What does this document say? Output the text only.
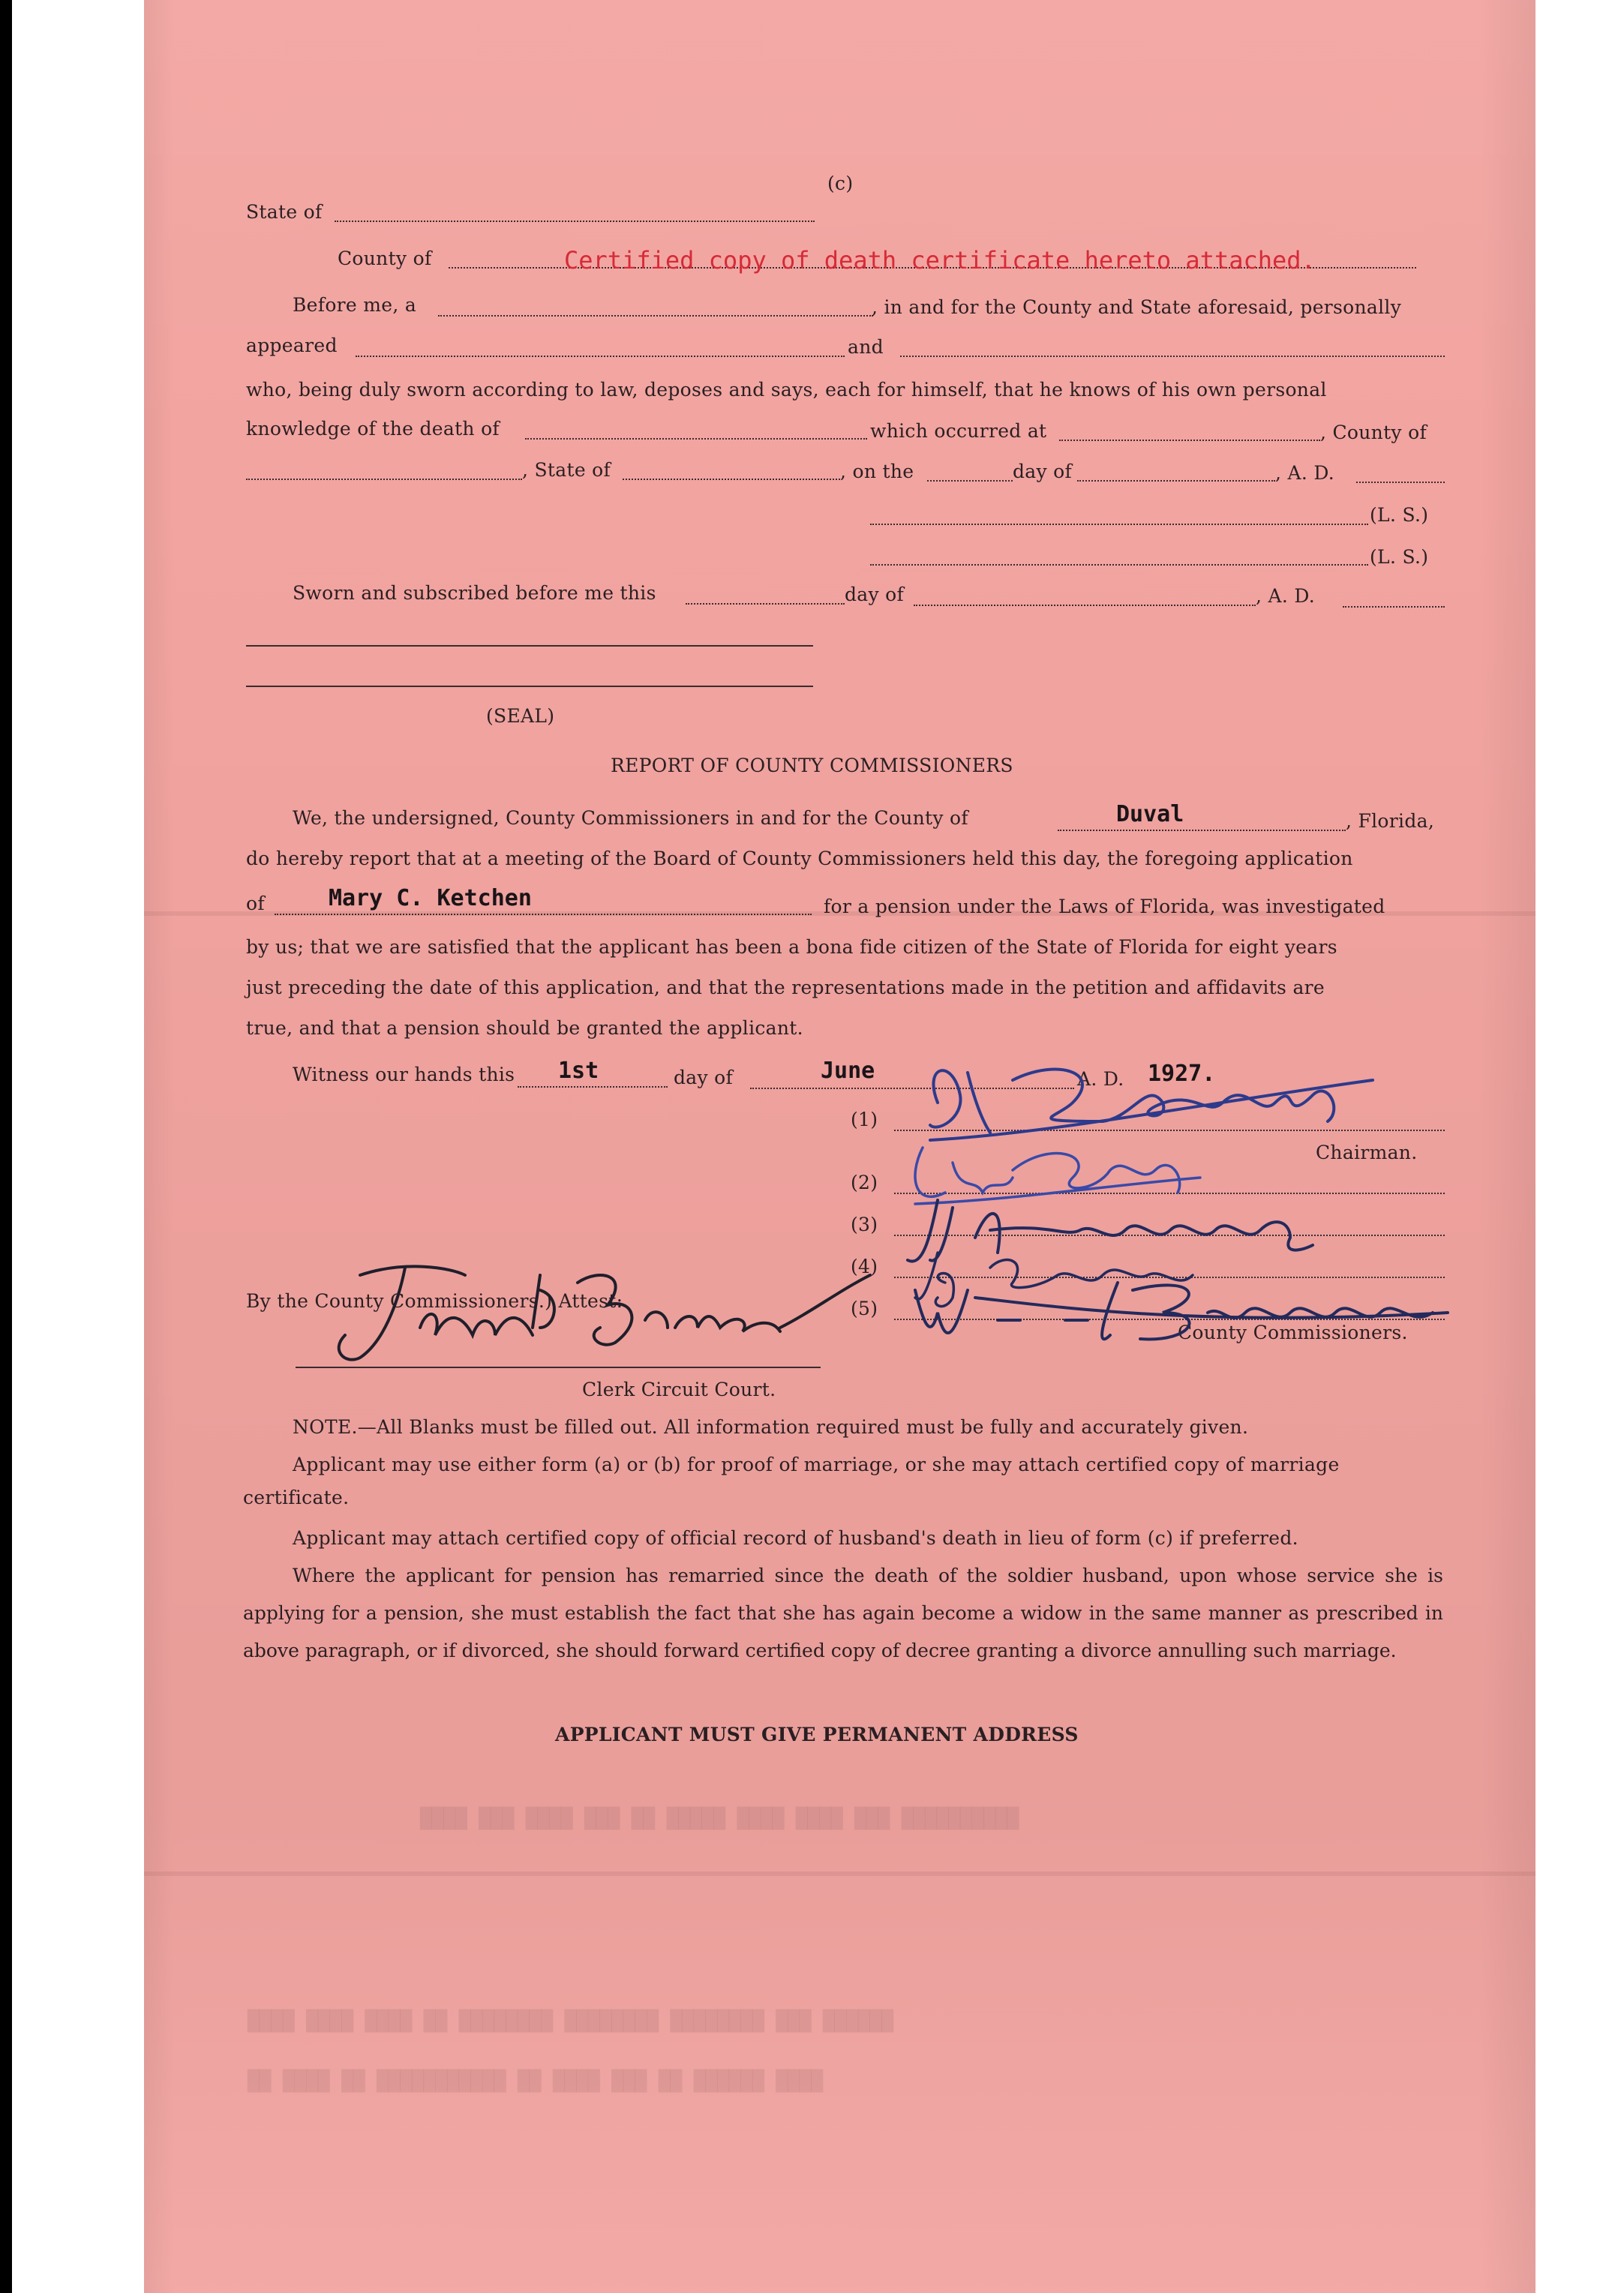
████ ███ ████ ███ ██ █████ ████ ████ ███ ██████████
████ ████ ████ ██ ████████ ████████ ████████ ███ ██████
██ ████ ██ ███████████ ██ ████ ███ ██ ██████ ████
(c)
State of
County of	Certified copy of death certificate hereto attached.
Before me, a	, in and for the County and State aforesaid, personally
appeared	and
who, being duly sworn according to law, deposes and says, each for himself, that he knows of his own personal
knowledge of the death of	which occurred at	, County of
, State of	, on the	day of	, A. D.
(L. S.)
(L. S.)
Sworn and subscribed before me this	day of	, A. D.
(SEAL)
REPORT OF COUNTY COMMISSIONERS
We, the undersigned, County Commissioners in and for the County of	Duval	, Florida,
do hereby report that at a meeting of the Board of County Commissioners held this day, the foregoing application
of	Mary C. Ketchen	for a pension under the Laws of Florida, was investigated
by us; that we are satisfied that the applicant has been a bona fide citizen of the State of Florida for eight years
just preceding the date of this application, and that the representations made in the petition and affidavits are
true, and that a pension should be granted the applicant.
Witness our hands this 1st	day of	June	A. D. 1927.
(1)
Chairman.
(2)
(3)
(4)
(5)
County Commissioners.
By the County Commissioners.) Attest:
Clerk Circuit Court.
NOTE.—All Blanks must be filled out. All information required must be fully and accurately given.
Applicant may use either form (a) or (b) for proof of marriage, or she may attach certified copy of marriage
certificate.
Applicant may attach certified copy of official record of husband's death in lieu of form (c) if preferred.
Where the applicant for pension has remarried since the death of the soldier husband, upon whose service she is applying for a pension, she must establish the fact that she has again become a widow in the same manner as prescribed in above paragraph, or if divorced, she should forward certified copy of decree granting a divorce annulling such marriage.
APPLICANT MUST GIVE PERMANENT ADDRESS
